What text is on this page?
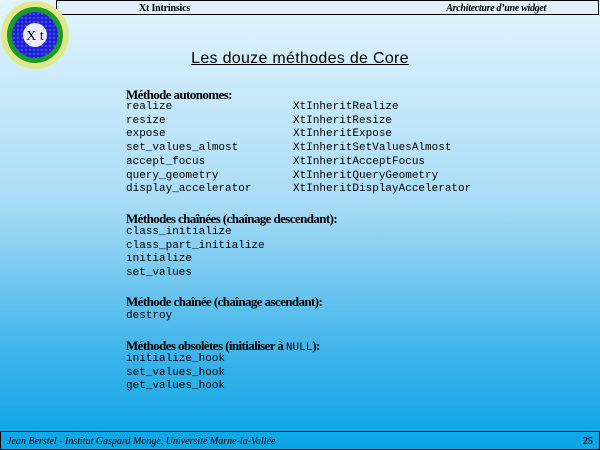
Xt Intrinsics	Architecture d’une widget
X t
Les douze méthodes de Core
Méthode autonomes:
realize
resize
expose
set_values_almost
accept_focus
query_geometry
display_accelerator
XtInheritRealize
XtInheritResize
XtInheritExpose
XtInheritSetValuesAlmost
XtInheritAcceptFocus
XtInheritQueryGeometry
XtInheritDisplayAccelerator
Méthodes chaînées (chaînage descendant):
class_initialize
class_part_initialize
initialize
set_values
Méthode chaînée (chaînage ascendant):
destroy
Méthodes obsolètes (initialiser à NULL):
initialize_hook
set_values_hook
get_values_hook
Jean Berstel - Institut Gaspard Monge, Université Marne-la-Vallée	25
